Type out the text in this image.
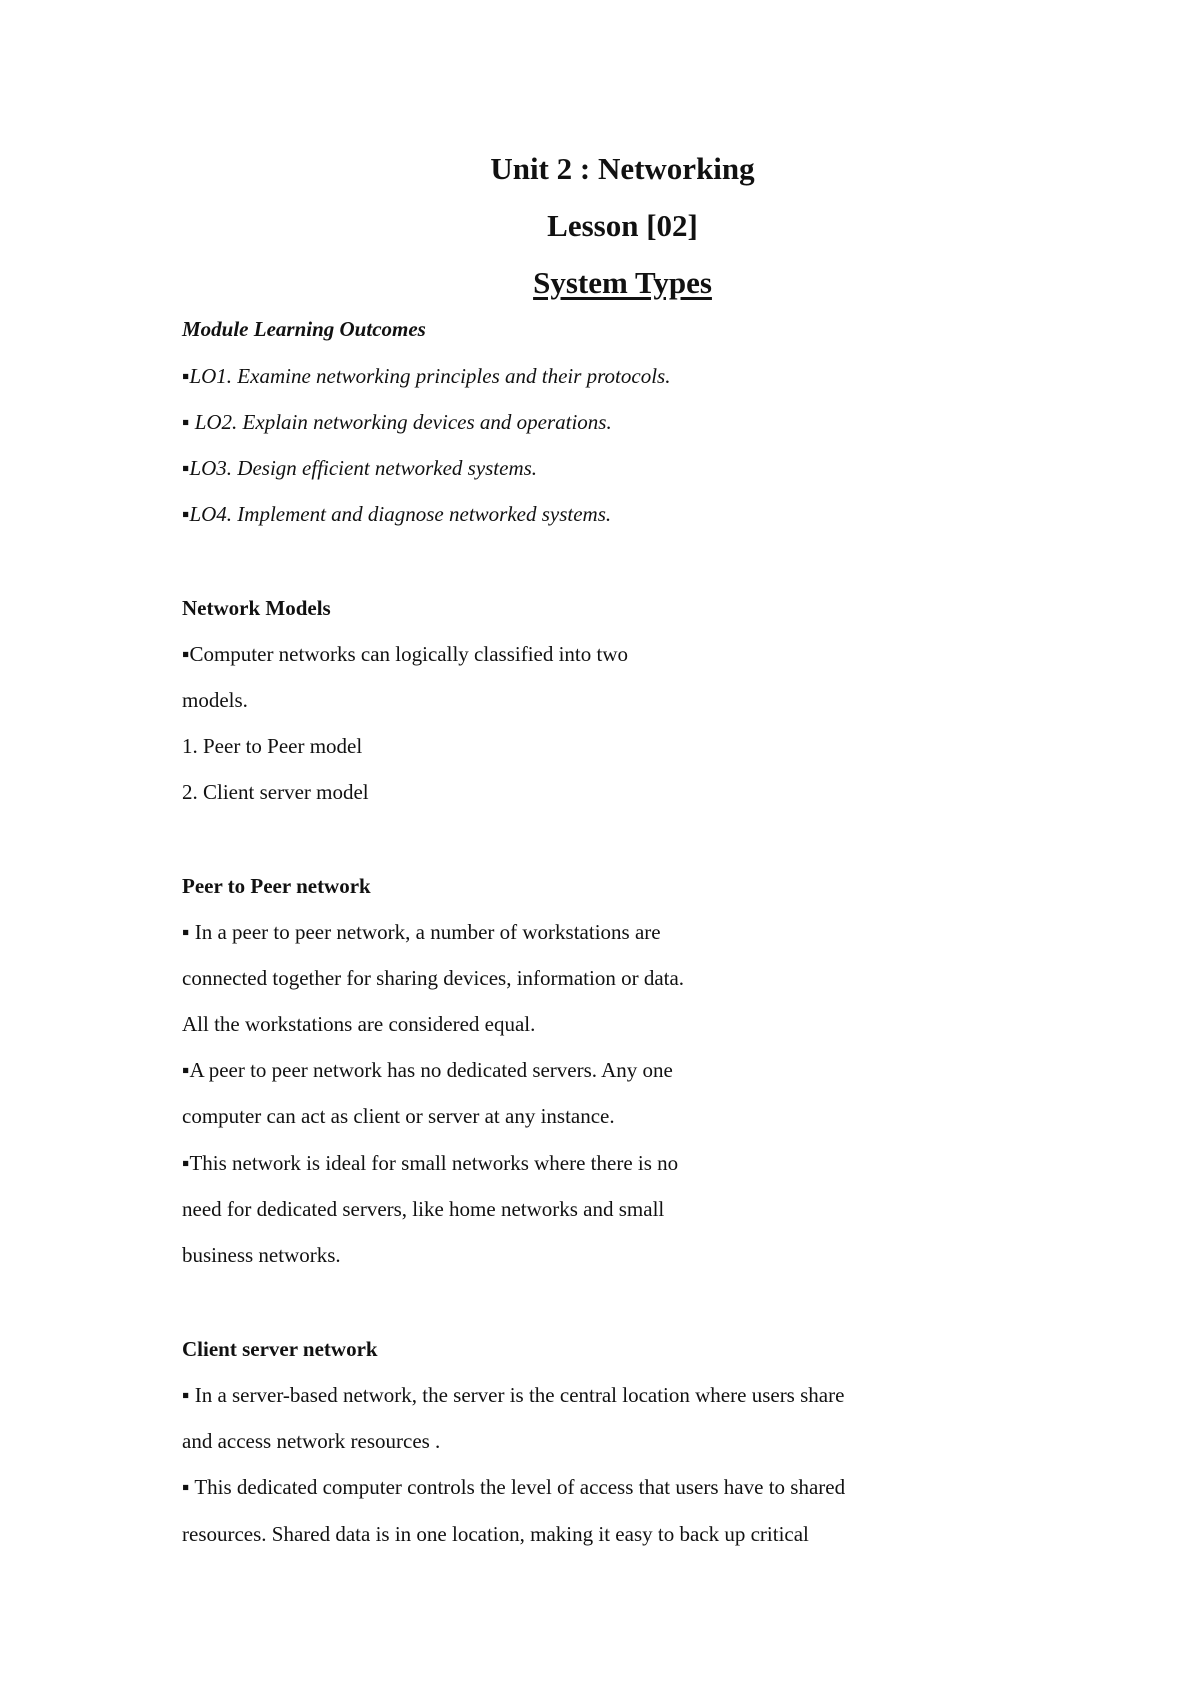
Unit 2 : Networking
Lesson [02]
System Types
Module Learning Outcomes
▪LO1. Examine networking principles and their protocols.
▪ LO2. Explain networking devices and operations.
▪LO3. Design efficient networked systems.
▪LO4. Implement and diagnose networked systems.
Network Models
▪Computer networks can logically classified into two
models.
1. Peer to Peer model
2. Client server model
Peer to Peer network
▪ In a peer to peer network, a number of workstations are
connected together for sharing devices, information or data.
All the workstations are considered equal.
▪A peer to peer network has no dedicated servers. Any one
computer can act as client or server at any instance.
▪This network is ideal for small networks where there is no
need for dedicated servers, like home networks and small
business networks.
Client server network
▪ In a server-based network, the server is the central location where users share
and access network resources .
▪ This dedicated computer controls the level of access that users have to shared
resources. Shared data is in one location, making it easy to back up critical
